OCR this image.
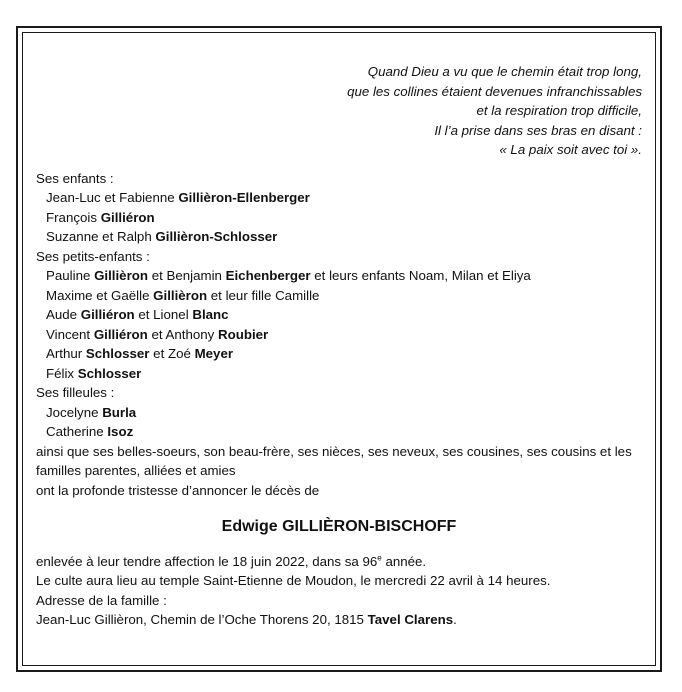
Quand Dieu a vu que le chemin était trop long,
que les collines étaient devenues infranchissables
et la respiration trop difficile,
Il l’a prise dans ses bras en disant :
« La paix soit avec toi ».
Ses enfants :
Jean-Luc et Fabienne Gillièron-Ellenberger
François Gilliéron
Suzanne et Ralph Gillièron-Schlosser
Ses petits-enfants :
Pauline Gillièron et Benjamin Eichenberger et leurs enfants Noam, Milan et Eliya
Maxime et Gaëlle Gillièron et leur fille Camille
Aude Gilliéron et Lionel Blanc
Vincent Gilliéron et Anthony Roubier
Arthur Schlosser et Zoé Meyer
Félix Schlosser
Ses filleules :
Jocelyne Burla
Catherine Isoz
ainsi que ses belles-soeurs, son beau-frère, ses nièces, ses neveux, ses cousines, ses cousins et les familles parentes, alliées et amies
ont la profonde tristesse d’annoncer le décès de
Edwige GILLIÈRON-BISCHOFF
enlevée à leur tendre affection le 18 juin 2022, dans sa 96e année.
Le culte aura lieu au temple Saint-Etienne de Moudon, le mercredi 22 avril à 14 heures.
Adresse de la famille :
Jean-Luc Gillièron, Chemin de l’Oche Thorens 20, 1815 Tavel Clarens.
